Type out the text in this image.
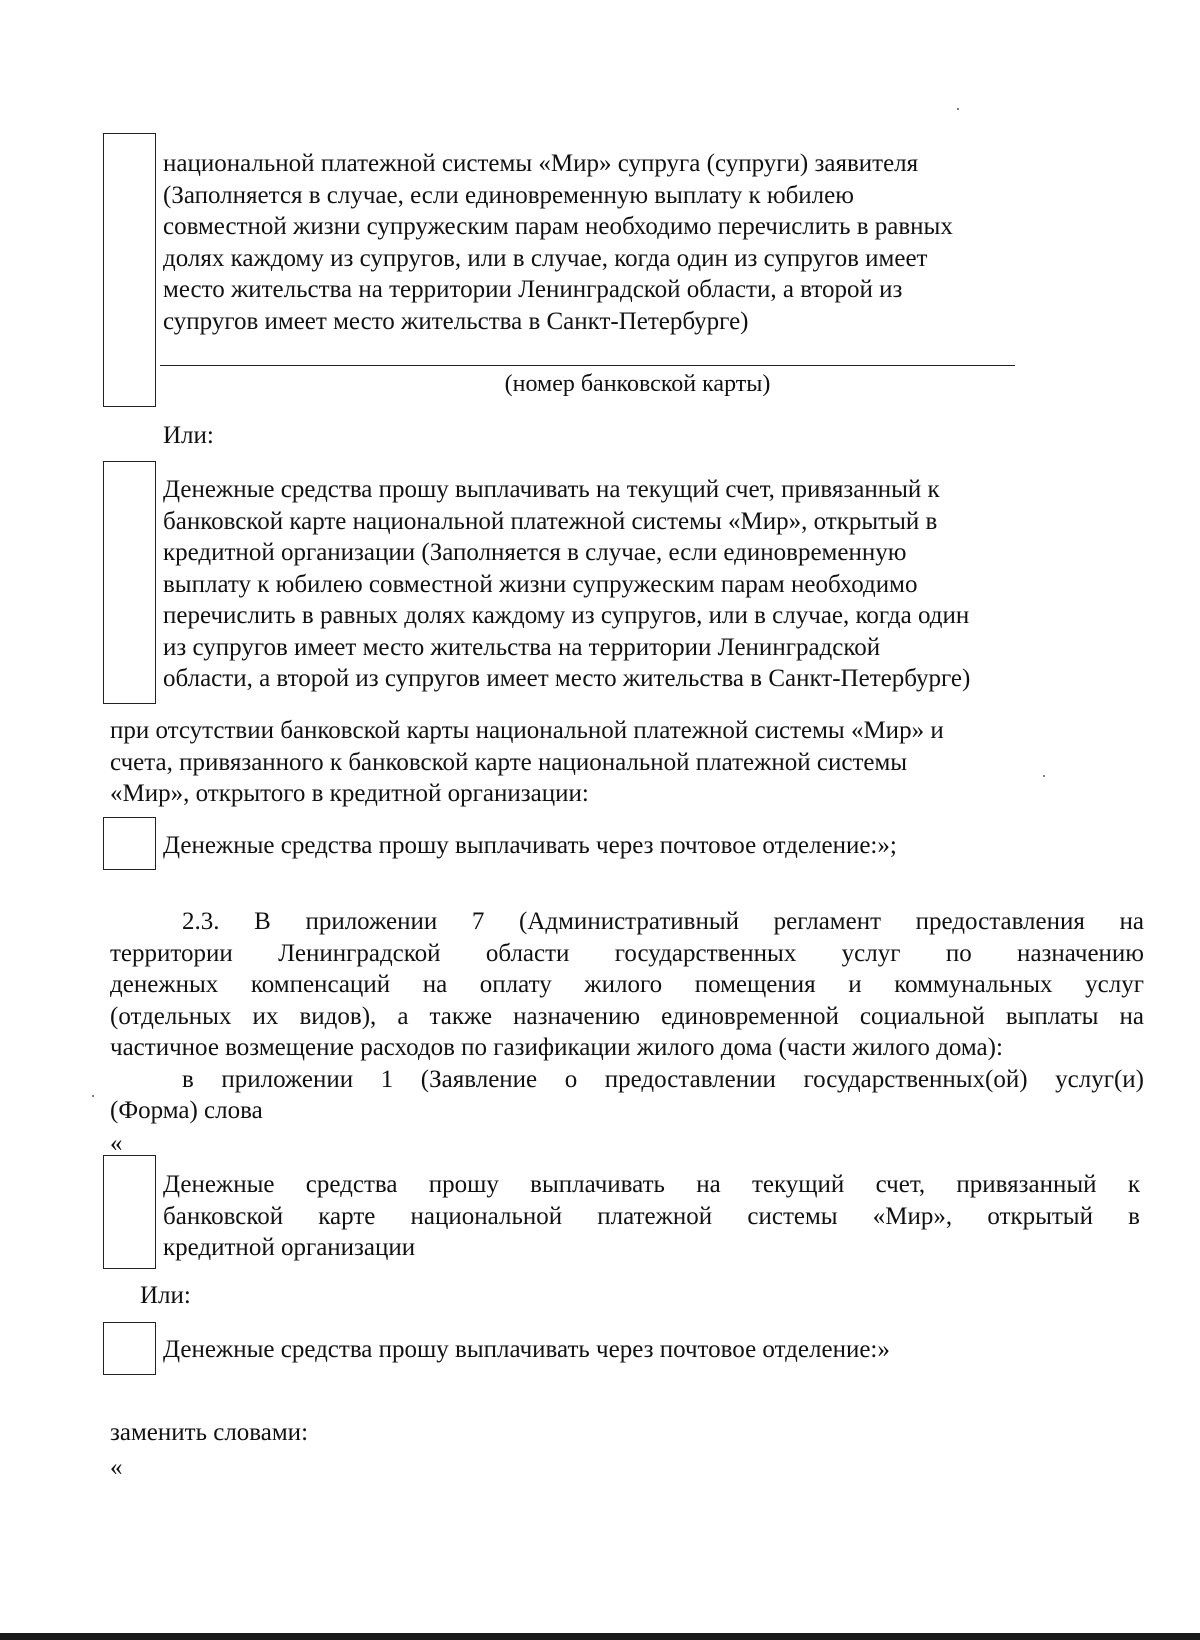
национальной платежной системы «Мир» супруга (супруги) заявителя
(Заполняется в случае, если единовременную выплату к юбилею
совместной жизни супружеским парам необходимо перечислить в равных
долях каждому из супругов, или в случае, когда один из супругов имеет
место жительства на территории Ленинградской области, а второй из
супругов имеет место жительства в Санкт-Петербурге)
(номер банковской карты)
Или:
Денежные средства прошу выплачивать на текущий счет, привязанный к
банковской карте национальной платежной системы «Мир», открытый в
кредитной организации (Заполняется в случае, если единовременную
выплату к юбилею совместной жизни супружеским парам необходимо
перечислить в равных долях каждому из супругов, или в случае, когда один
из супругов имеет место жительства на территории Ленинградской
области, а второй из супругов имеет место жительства в Санкт-Петербурге)
при отсутствии банковской карты национальной платежной системы «Мир» и
счета, привязанного к банковской карте национальной платежной системы
«Мир», открытого в кредитной организации:
Денежные средства прошу выплачивать через почтовое отделение:»;
2.3. В приложении 7 (Административный регламент предоставления на
территории Ленинградской области государственных услуг по назначению
денежных компенсаций на оплату жилого помещения и коммунальных услуг
(отдельных их видов), а также назначению единовременной социальной выплаты на
частичное возмещение расходов по газификации жилого дома (части жилого дома):
в приложении 1 (Заявление о предоставлении государственных(ой) услуг(и)
(Форма) слова
«
Денежные средства прошу выплачивать на текущий счет, привязанный к
банковской карте национальной платежной системы «Мир», открытый в
кредитной организации
Или:
Денежные средства прошу выплачивать через почтовое отделение:»
заменить словами:
«
